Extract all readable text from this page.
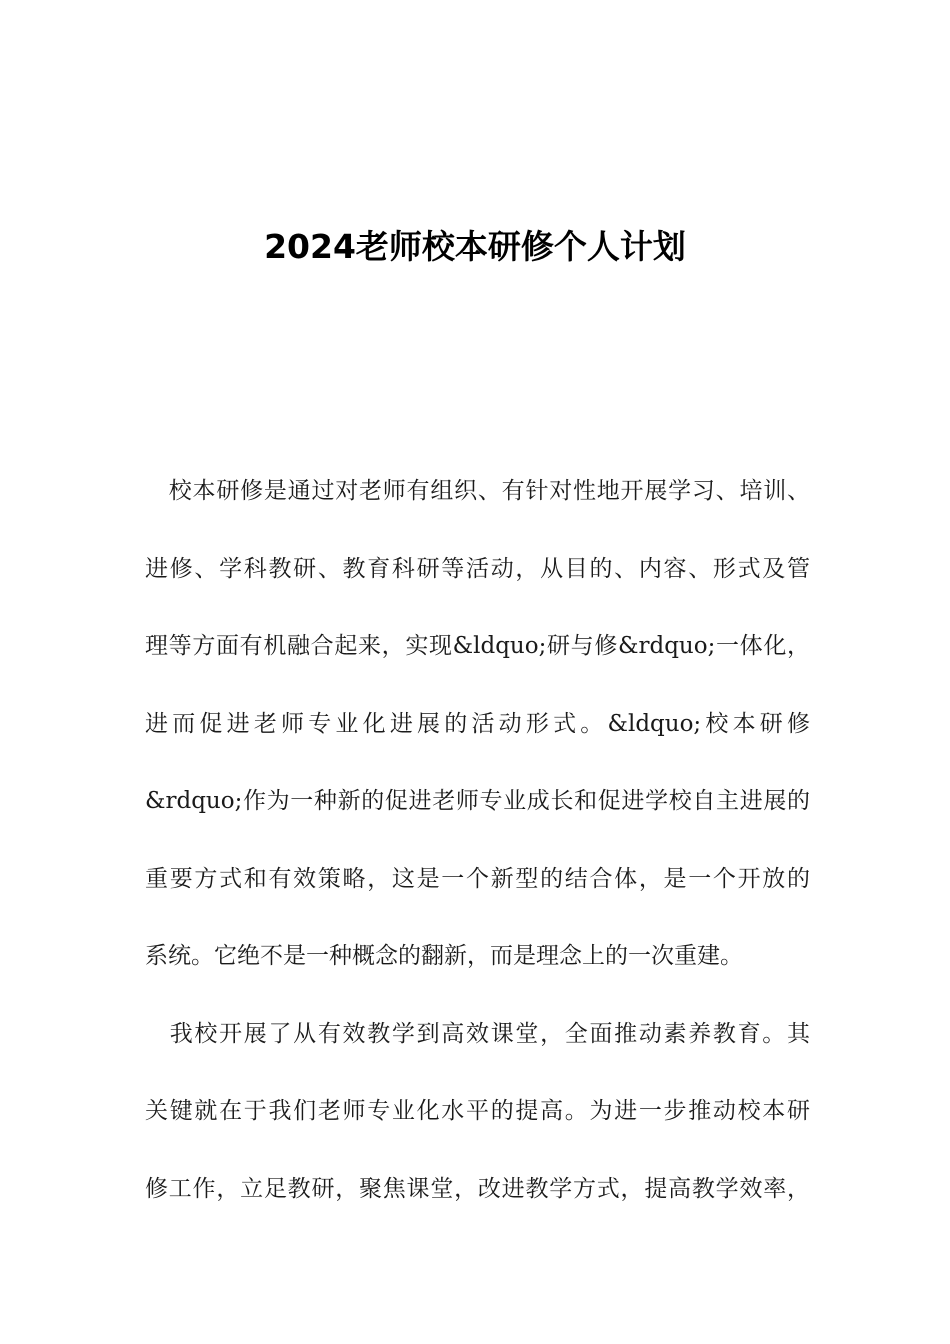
2024老师校本研修个人计划
　校本研修是通过对老师有组织、有针对性地开展学习、培训、
进修、学科教研、教育科研等活动，从目的、内容、形式及管
理等方面有机融合起来，实现&ldquo;研与修&rdquo;一体化，
进而促进老师专业化进展的活动形式。&ldquo;校本研修
&rdquo;作为一种新的促进老师专业成长和促进学校自主进展的
重要方式和有效策略，这是一个新型的结合体，是一个开放的
系统。它绝不是一种概念的翻新，而是理念上的一次重建。
　我校开展了从有效教学到高效课堂，全面推动素养教育。其
关键就在于我们老师专业化水平的提高。为进一步推动校本研
修工作，立足教研，聚焦课堂，改进教学方式，提高教学效率，
